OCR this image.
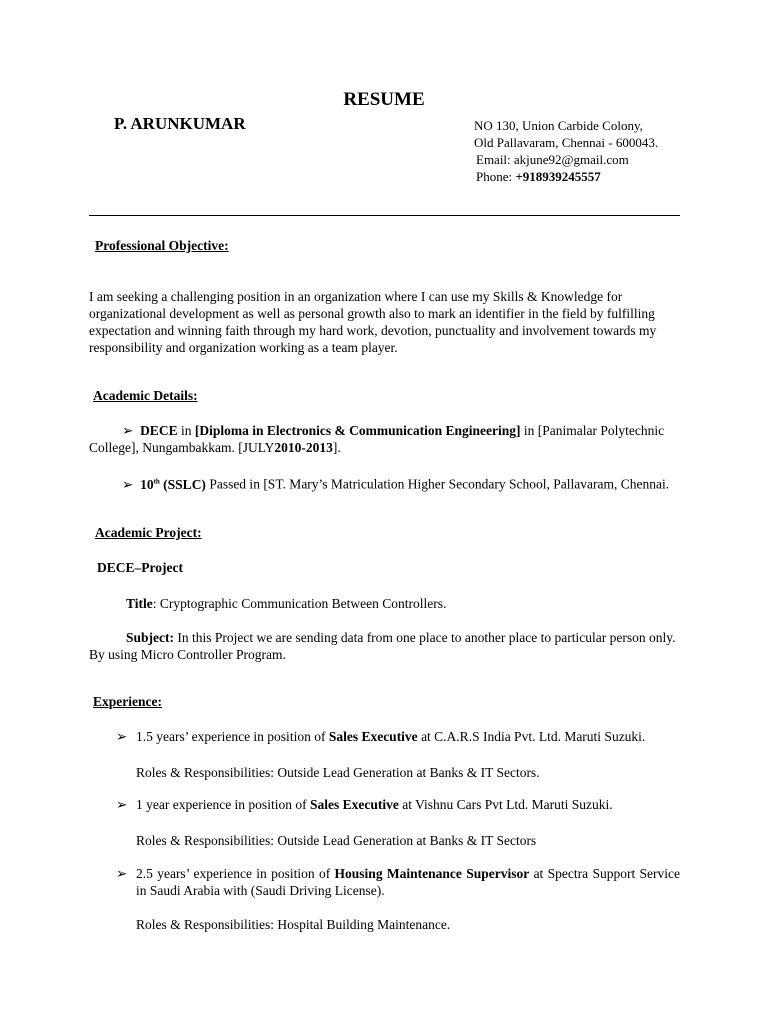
RESUME
P. ARUNKUMAR	NO 130, Union Carbide Colony,
Old Pallavaram, Chennai - 600043.
Email: akjune92@gmail.com
Phone: +918939245557
Professional Objective:
I am seeking a challenging position in an organization where I can use my Skills & Knowledge for organizational development as well as personal growth also to mark an identifier in the field by fulfilling expectation and winning faith through my hard work, devotion, punctuality and involvement towards my responsibility and organization working as a team player.
Academic Details:
➢ DECE in [Diploma in Electronics & Communication Engineering] in [Panimalar Polytechnic College], Nungambakkam. [JULY2010-2013].
➢ 10th (SSLC) Passed in [ST. Mary’s Matriculation Higher Secondary School, Pallavaram, Chennai.
Academic Project:
DECE–Project
Title: Cryptographic Communication Between Controllers.
Subject: In this Project we are sending data from one place to another place to particular person only. By using Micro Controller Program.
Experience:
➢ 1.5 years’ experience in position of Sales Executive at C.A.R.S India Pvt. Ltd. Maruti Suzuki.
Roles & Responsibilities: Outside Lead Generation at Banks & IT Sectors.
➢ 1 year experience in position of Sales Executive at Vishnu Cars Pvt Ltd. Maruti Suzuki.
Roles & Responsibilities: Outside Lead Generation at Banks & IT Sectors
➢ 2.5 years’ experience in position of Housing Maintenance Supervisor at Spectra Support Service in Saudi Arabia with (Saudi Driving License).
Roles & Responsibilities: Hospital Building Maintenance.
